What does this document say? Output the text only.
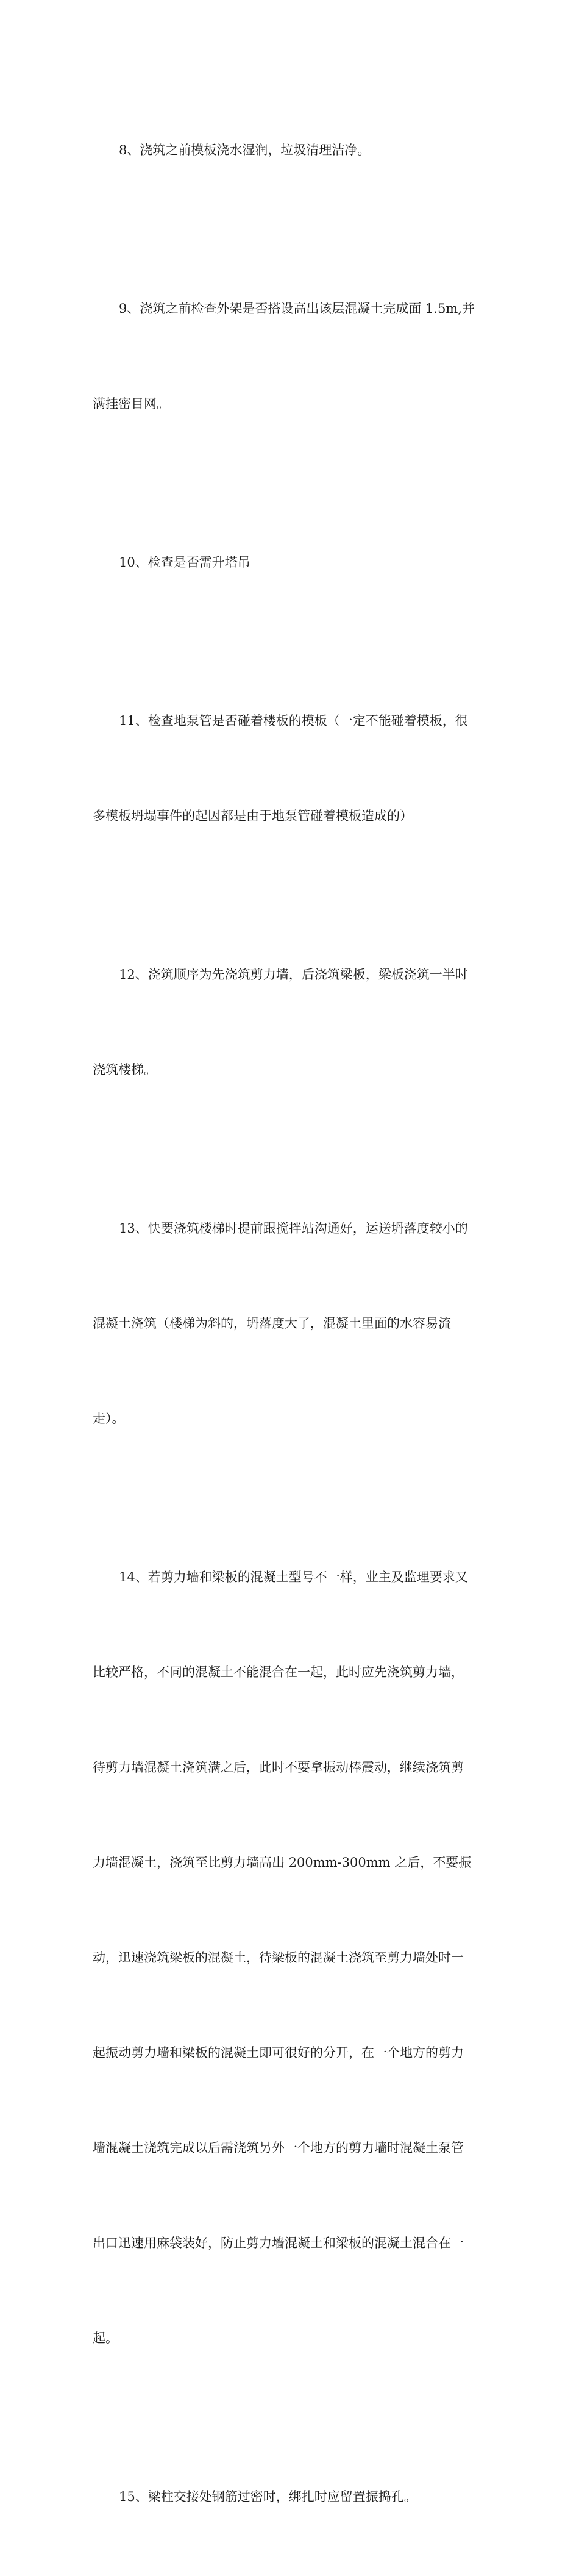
8、浇筑之前模板浇水湿润，垃圾清理洁净。

9、浇筑之前检查外架是否搭设高出该层混凝土完成面 1.5m,并

满挂密目网。

10、检查是否需升塔吊

11、检查地泵管是否碰着楼板的模板（一定不能碰着模板，很

多模板坍塌事件的起因都是由于地泵管碰着模板造成的）

12、浇筑顺序为先浇筑剪力墙，后浇筑梁板，梁板浇筑一半时

浇筑楼梯。

13、快要浇筑楼梯时提前跟搅拌站沟通好，运送坍落度较小的

混凝土浇筑（楼梯为斜的，坍落度大了，混凝土里面的水容易流

走）。

14、若剪力墙和梁板的混凝土型号不一样，业主及监理要求又

比较严格，不同的混凝土不能混合在一起，此时应先浇筑剪力墙，

待剪力墙混凝土浇筑满之后，此时不要拿振动棒震动，继续浇筑剪

力墙混凝土，浇筑至比剪力墙高出 200mm-300mm 之后，不要振

动，迅速浇筑梁板的混凝土，待梁板的混凝土浇筑至剪力墙处时一

起振动剪力墙和梁板的混凝土即可很好的分开，在一个地方的剪力

墙混凝土浇筑完成以后需浇筑另外一个地方的剪力墙时混凝土泵管

出口迅速用麻袋装好，防止剪力墙混凝土和梁板的混凝土混合在一

起。

15、梁柱交接处钢筋过密时，绑扎时应留置振捣孔。
